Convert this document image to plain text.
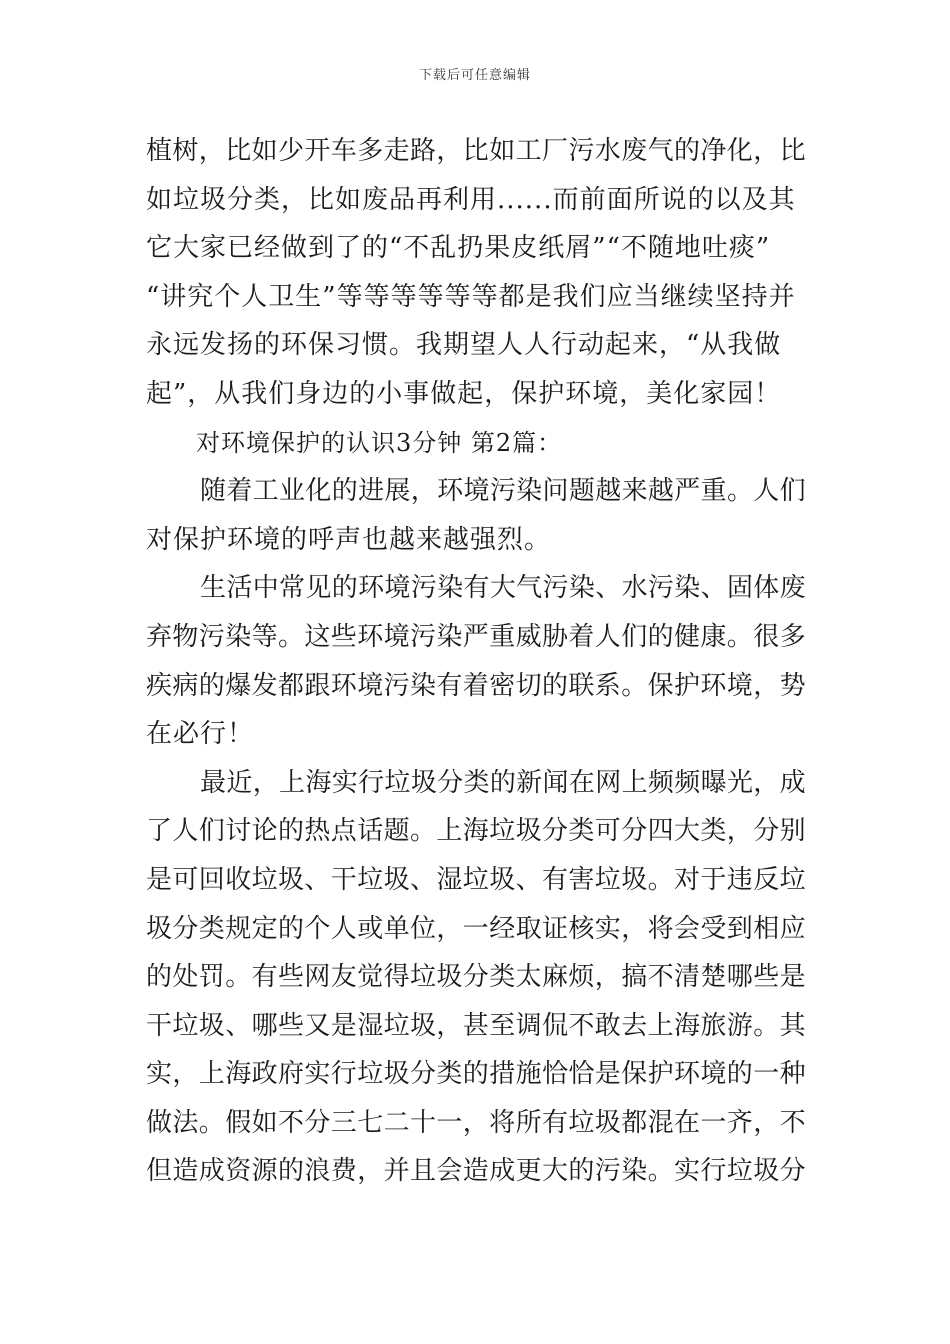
下载后可任意编辑
植树，比如少开车多走路，比如工厂污水废气的净化，比
如垃圾分类，比如废品再利用......而前面所说的以及其
它大家已经做到了的“不乱扔果皮纸屑”“不随地吐痰”
“讲究个人卫生”等等等等等等都是我们应当继续坚持并
永远发扬的环保习惯。我期望人人行动起来，“从我做
起”，从我们身边的小事做起，保护环境，美化家园！
对环境保护的认识3分钟 第2篇：
随着工业化的进展，环境污染问题越来越严重。人们
对保护环境的呼声也越来越强烈。
生活中常见的环境污染有大气污染、水污染、固体废
弃物污染等。这些环境污染严重威胁着人们的健康。很多
疾病的爆发都跟环境污染有着密切的联系。保护环境，势
在必行！
最近，上海实行垃圾分类的新闻在网上频频曝光，成
了人们讨论的热点话题。上海垃圾分类可分四大类，分别
是可回收垃圾、干垃圾、湿垃圾、有害垃圾。对于违反垃
圾分类规定的个人或单位，一经取证核实，将会受到相应
的处罚。有些网友觉得垃圾分类太麻烦，搞不清楚哪些是
干垃圾、哪些又是湿垃圾，甚至调侃不敢去上海旅游。其
实，上海政府实行垃圾分类的措施恰恰是保护环境的一种
做法。假如不分三七二十一，将所有垃圾都混在一齐，不
但造成资源的浪费，并且会造成更大的污染。实行垃圾分
